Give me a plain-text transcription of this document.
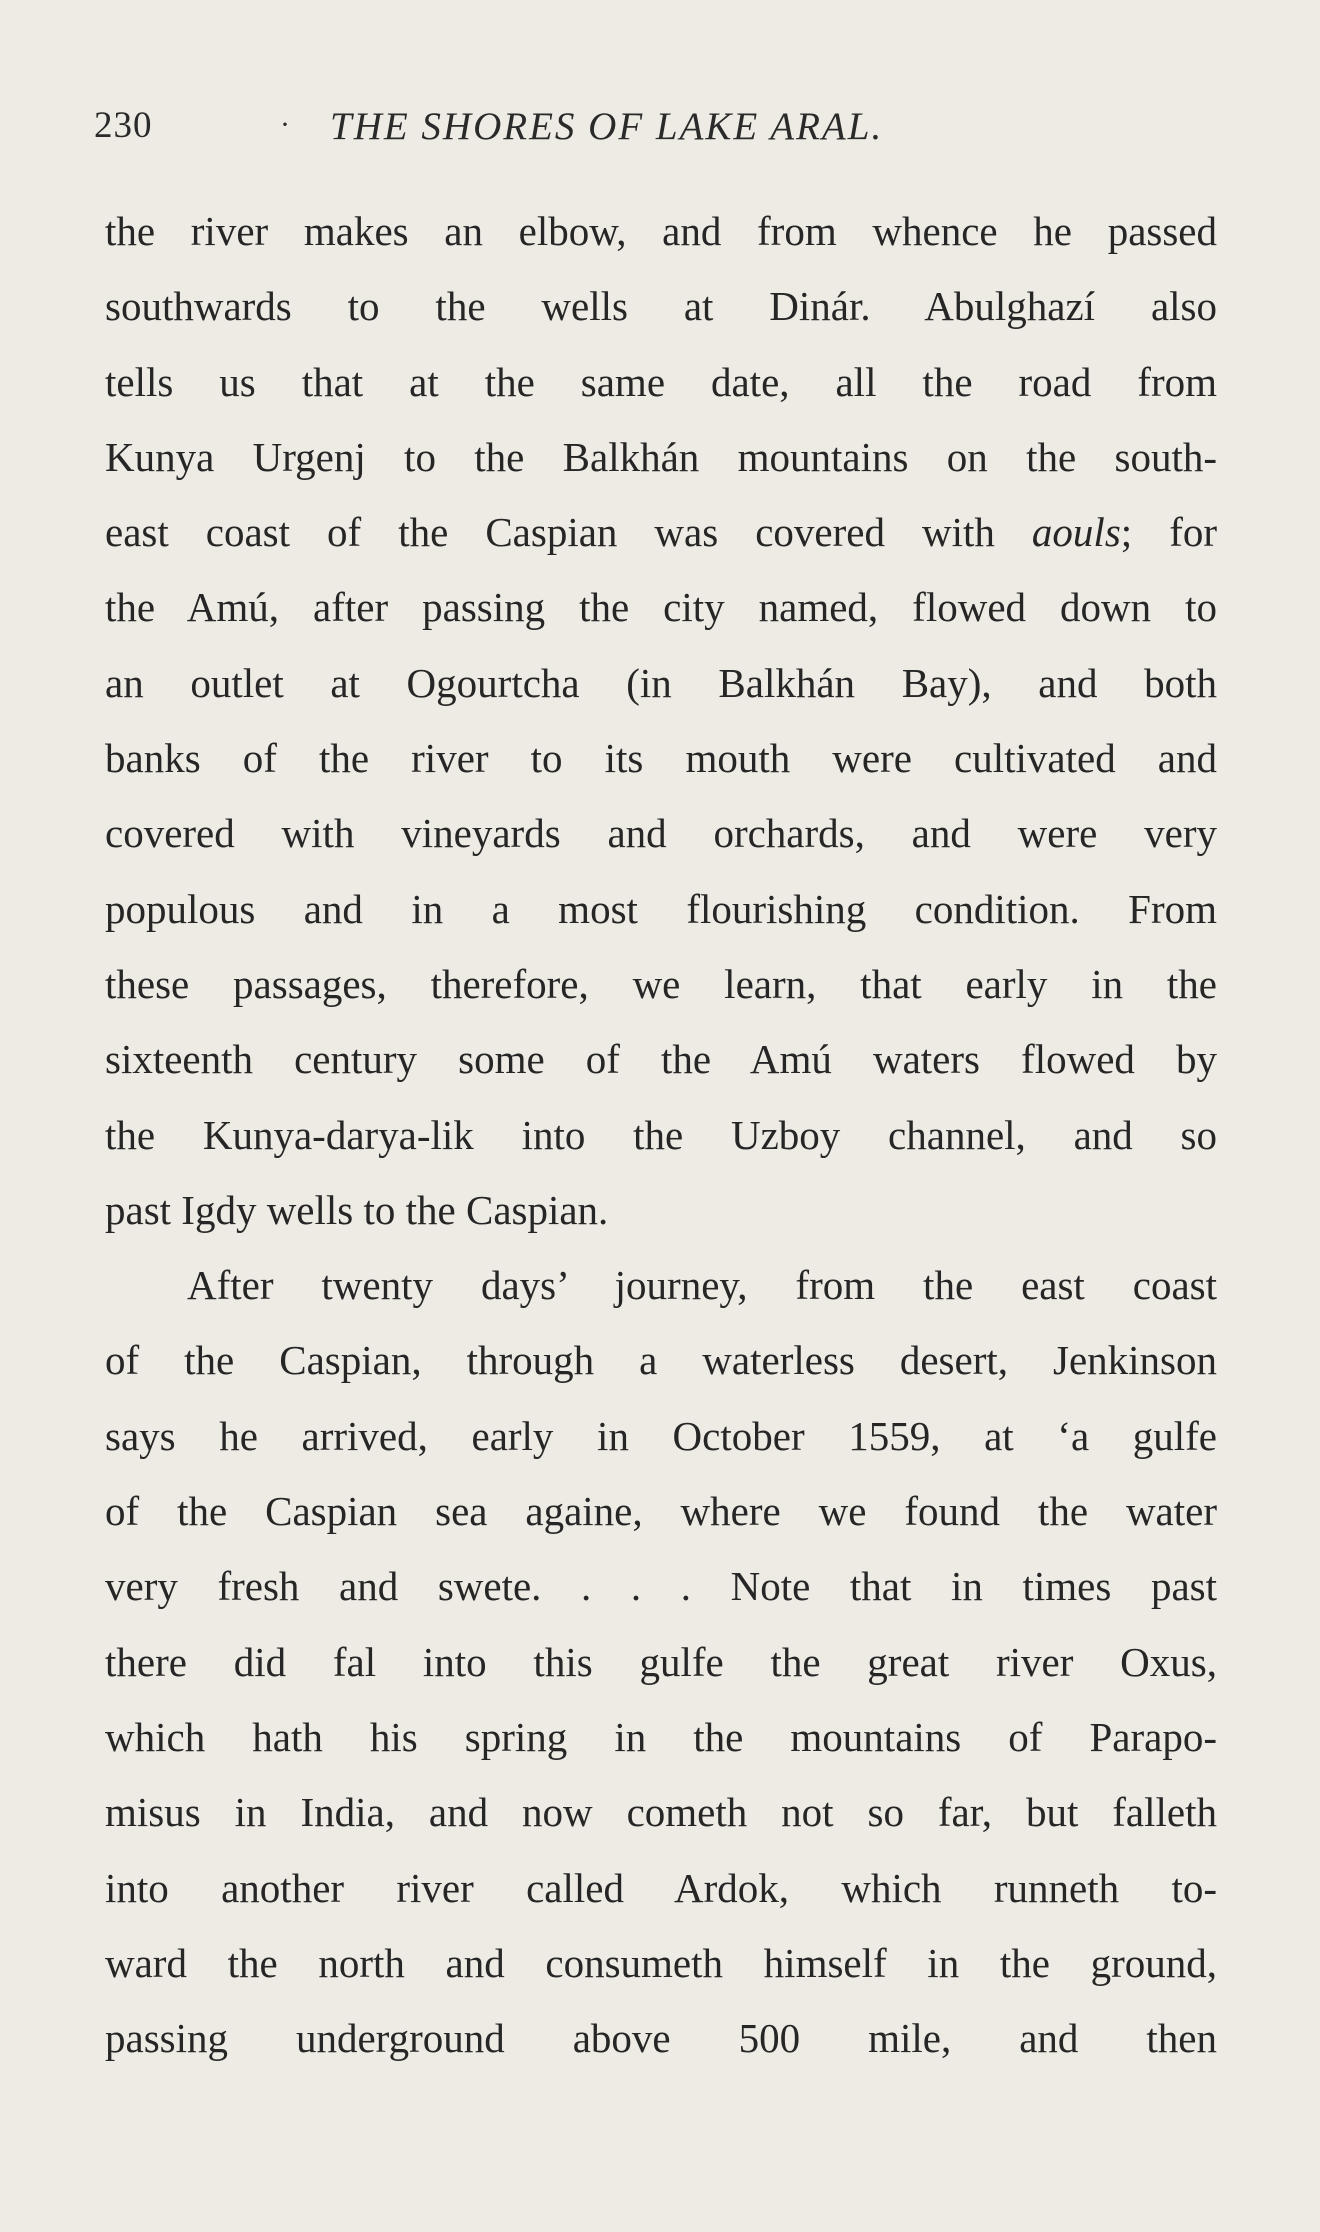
230	· THE SHORES OF LAKE ARAL.
the river makes an elbow, and from whence he passed
southwards to the wells at Dinár. Abulghazí also
tells us that at the same date, all the road from
Kunya Urgenj to the Balkhán mountains on the south-
east coast of the Caspian was covered with aouls; for
the Amú, after passing the city named, flowed down to
an outlet at Ogourtcha (in Balkhán Bay), and both
banks of the river to its mouth were cultivated and
covered with vineyards and orchards, and were very
populous and in a most flourishing condition. From
these passages, therefore, we learn, that early in the
sixteenth century some of the Amú waters flowed by
the Kunya-darya-lik into the Uzboy channel, and so
past Igdy wells to the Caspian.
After twenty days’ journey, from the east coast
of the Caspian, through a waterless desert, Jenkinson
says he arrived, early in October 1559, at ‘a gulfe
of the Caspian sea againe, where we found the water
very fresh and swete. . . . Note that in times past
there did fal into this gulfe the great river Oxus,
which hath his spring in the mountains of Parapo-
misus in India, and now cometh not so far, but falleth
into another river called Ardok, which runneth to-
ward the north and consumeth himself in the ground,
passing underground above 500 mile, and then
